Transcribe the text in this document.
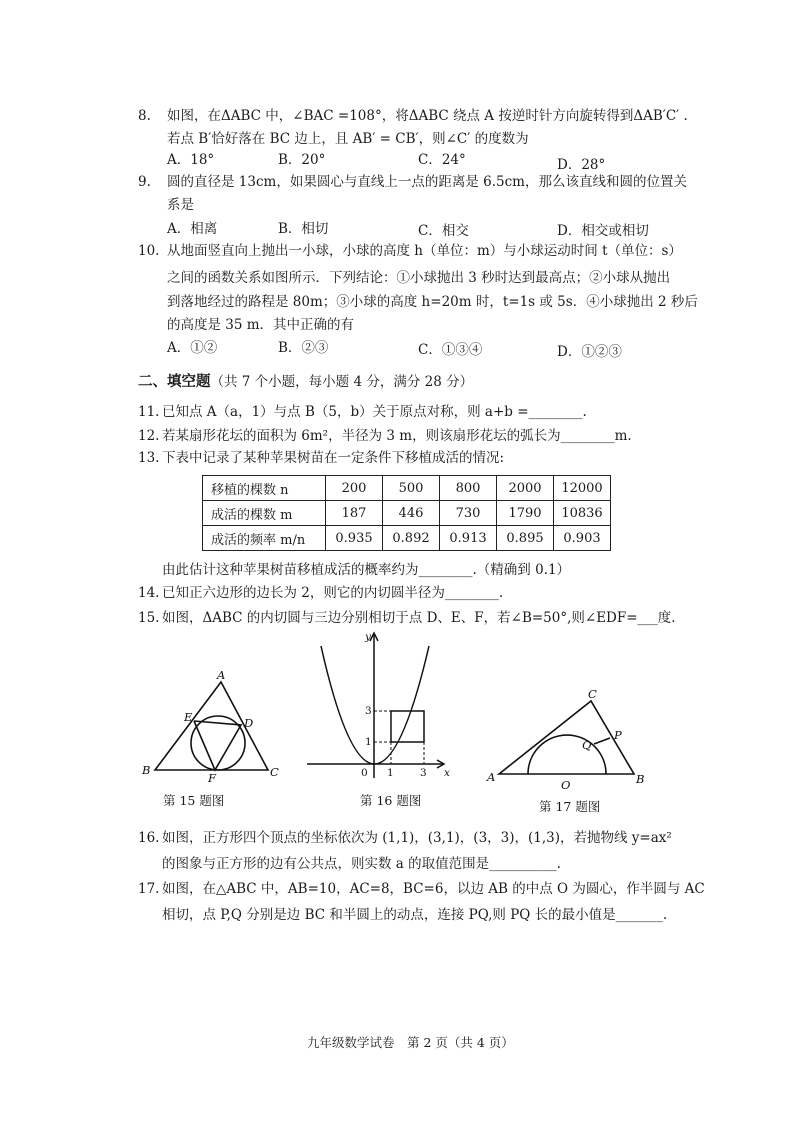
8. 如图，在ΔABC 中，∠BAC =108°，将ΔABC 绕点 A 按逆时针方向旋转得到ΔAB′C′ .
若点 B′恰好落在 BC 边上，且 AB′ = CB′，则∠C′ 的度数为
A．18°	B．20°	C．24°	D．28°
9. 圆的直径是 13cm，如果圆心与直线上一点的距离是 6.5cm，那么该直线和圆的位置关
系是
A．相离	B．相切	C．相交	D．相交或相切
10. 从地面竖直向上抛出一小球，小球的高度 h（单位：m）与小球运动时间 t（单位：s）
之间的函数关系如图所示．下列结论：①小球抛出 3 秒时达到最高点；②小球从抛出
到落地经过的路程是 80m；③小球的高度 h=20m 时，t=1s 或 5s．④小球抛出 2 秒后
的高度是 35 m．其中正确的有
A．①②	B．②③	C．①③④	D．①②③
二、填空题（共 7 个小题，每小题 4 分，满分 28 分）
11. 已知点 A（a，1）与点 B（5，b）关于原点对称，则 a+b =________.
12. 若某扇形花坛的面积为 6m²，半径为 3 m，则该扇形花坛的弧长为________m.
13. 下表中记录了某种苹果树苗在一定条件下移植成活的情况:
移植的棵数 n	200	500	800	2000	12000
成活的棵数 m	187	446	730	1790	10836
成活的频率 m/n	0.935	0.892	0.913	0.895	0.903
由此估计这种苹果树苗移植成活的概率约为________.（精确到 0.1）
14. 已知正六边形的边长为 2，则它的内切圆半径为________.
15. 如图，ΔABC 的内切圆与三边分别相切于点 D、E、F，若∠B=50°,则∠EDF=___度.
A
B	C
D
E
F
第 15 题图
y
x
0 1	3
1
3
第 16 题图
A	B
C
O
P
Q
第 17 题图
16. 如图，正方形四个顶点的坐标依次为 (1,1)，(3,1)，(3，3)，(1,3)，若抛物线 y=ax²
的图象与正方形的边有公共点，则实数 a 的取值范围是__________.
17. 如图，在△ABC 中，AB=10，AC=8，BC=6，以边 AB 的中点 O 为圆心，作半圆与 AC
相切，点 P,Q 分别是边 BC 和半圆上的动点，连接 PQ,则 PQ 长的最小值是_______.
九年级数学试卷　第 2 页（共 4 页）
